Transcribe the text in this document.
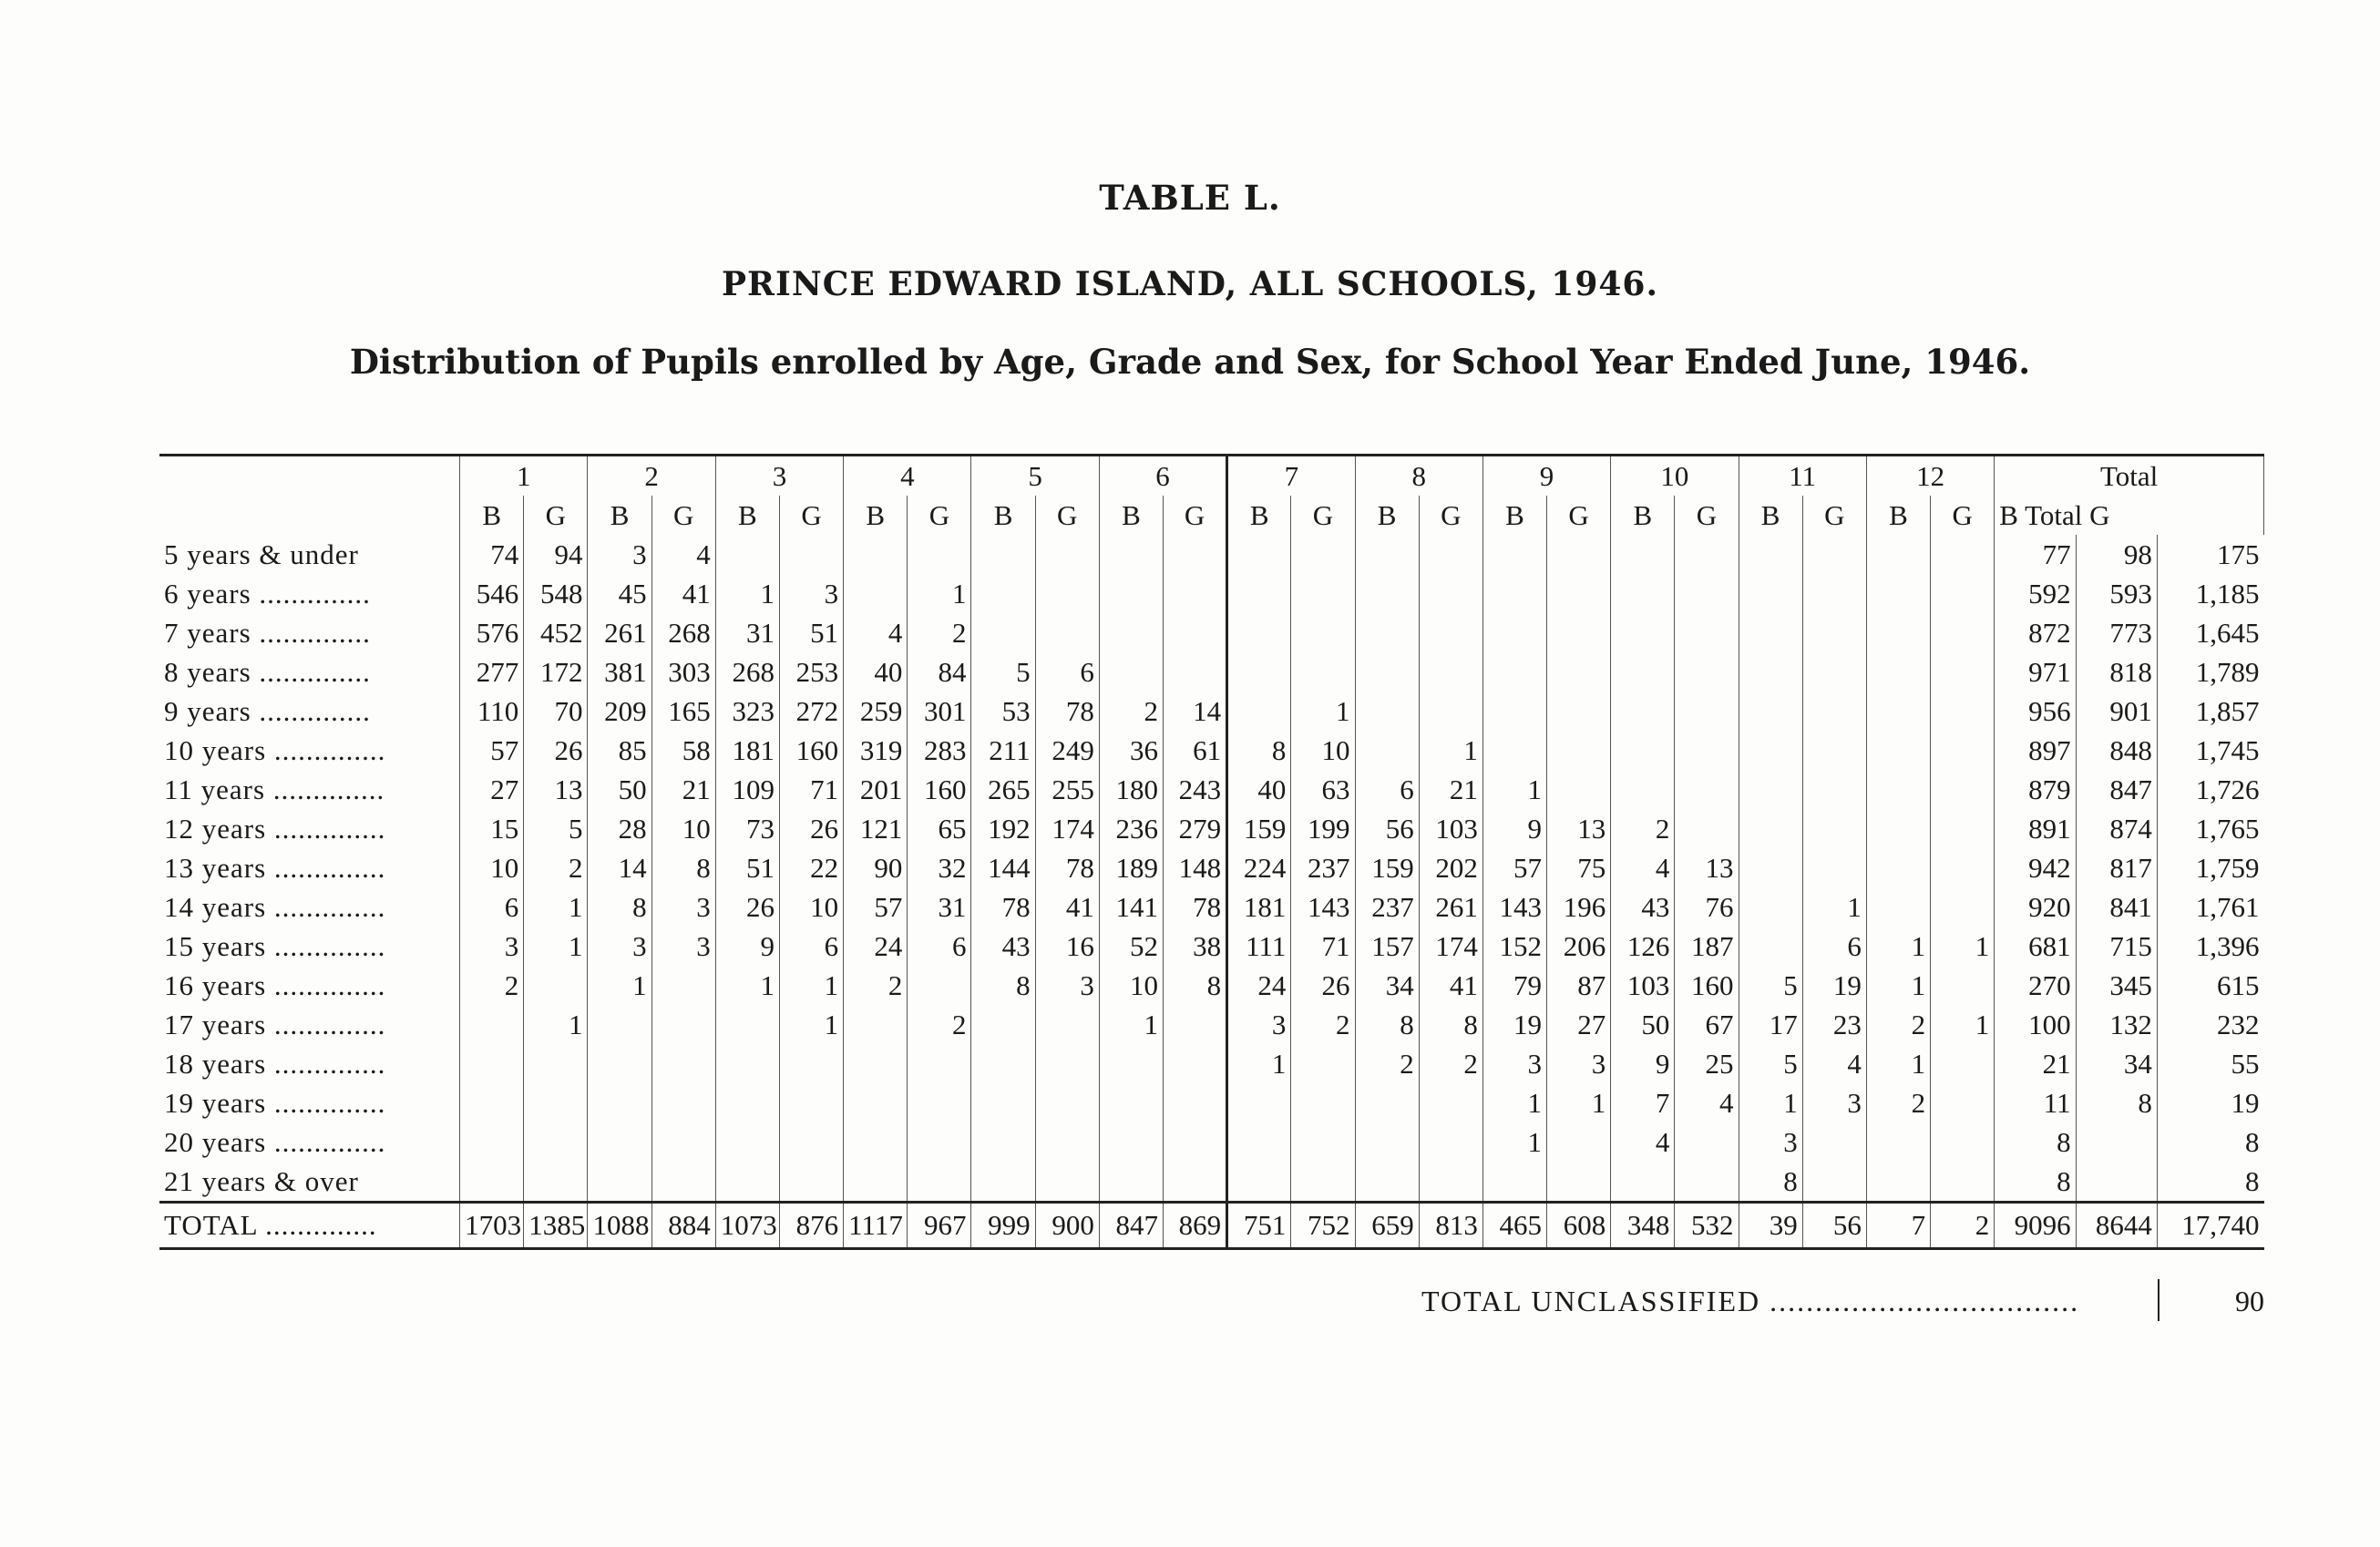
TABLE L.
PRINCE EDWARD ISLAND, ALL SCHOOLS, 1946.
Distribution of Pupils enrolled by Age, Grade and Sex, for School Year Ended June, 1946.
	1		2		3		4		5		6		7		8		9		10		11		12		Total		
	B	G	B	G	B	G	B	G	B	G	B	G	B	G	B	G	B	G	B	G	B	G	B	G	B Total G		
5 years & under	74	94	3	4																					77	98	175
6 years ..............	546	548	45	41	1	3		1																	592	593	1,185
7 years ..............	576	452	261	268	31	51	4	2																	872	773	1,645
8 years ..............	277	172	381	303	268	253	40	84	5	6															971	818	1,789
9 years ..............	110	70	209	165	323	272	259	301	53	78	2	14		1											956	901	1,857
10 years ..............	57	26	85	58	181	160	319	283	211	249	36	61	8	10		1									897	848	1,745
11 years ..............	27	13	50	21	109	71	201	160	265	255	180	243	40	63	6	21	1								879	847	1,726
12 years ..............	15	5	28	10	73	26	121	65	192	174	236	279	159	199	56	103	9	13	2						891	874	1,765
13 years ..............	10	2	14	8	51	22	90	32	144	78	189	148	224	237	159	202	57	75	4	13					942	817	1,759
14 years ..............	6	1	8	3	26	10	57	31	78	41	141	78	181	143	237	261	143	196	43	76		1			920	841	1,761
15 years ..............	3	1	3	3	9	6	24	6	43	16	52	38	111	71	157	174	152	206	126	187		6	1	1	681	715	1,396
16 years ..............	2		1		1	1	2		8	3	10	8	24	26	34	41	79	87	103	160	5	19	1		270	345	615
17 years ..............		1				1		2			1		3	2	8	8	19	27	50	67	17	23	2	1	100	132	232
18 years ..............													1		2	2	3	3	9	25	5	4	1		21	34	55
19 years ..............																	1	1	7	4	1	3	2		11	8	19
20 years ..............																	1		4		3				8		8
21 years & over																					8				8		8
TOTAL ..............	1703	1385	1088	884	1073	876	1117	967	999	900	847	869	751	752	659	813	465	608	348	532	39	56	7	2	9096	8644	17,740
TOTAL UNCLASSIFIED ..................................	90
